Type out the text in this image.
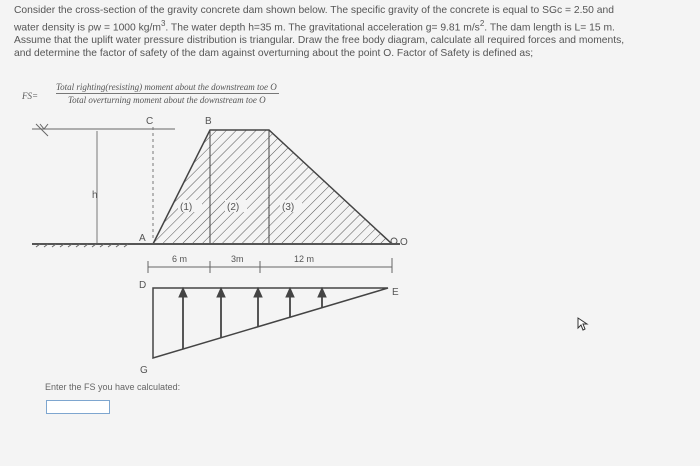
Consider the cross-section of the gravity concrete dam shown below. The specific gravity of the concrete is equal to SGc = 2.50 and

water density is ρw = 1000 $kg/m^3$. The water depth h=35 m. The gravitational acceleration g= 9.81 $m/s^2$. The dam length is L= 15 m.

Assume that the uplift water pressure distribution is triangular. Draw the free body diagram, calculate all required forces and moments,

and determine the factor of safety of the dam against overturning about the point O. Factor of Safety is defined as;

FS=
Total righting(resisting) moment about the downstream toe O
Total overturning moment about the downstream toe O
h
(1)	(2)	(3)
C	B
A	O
6 m	3m	12 m
D
E
G
Enter the FS you have calculated:
